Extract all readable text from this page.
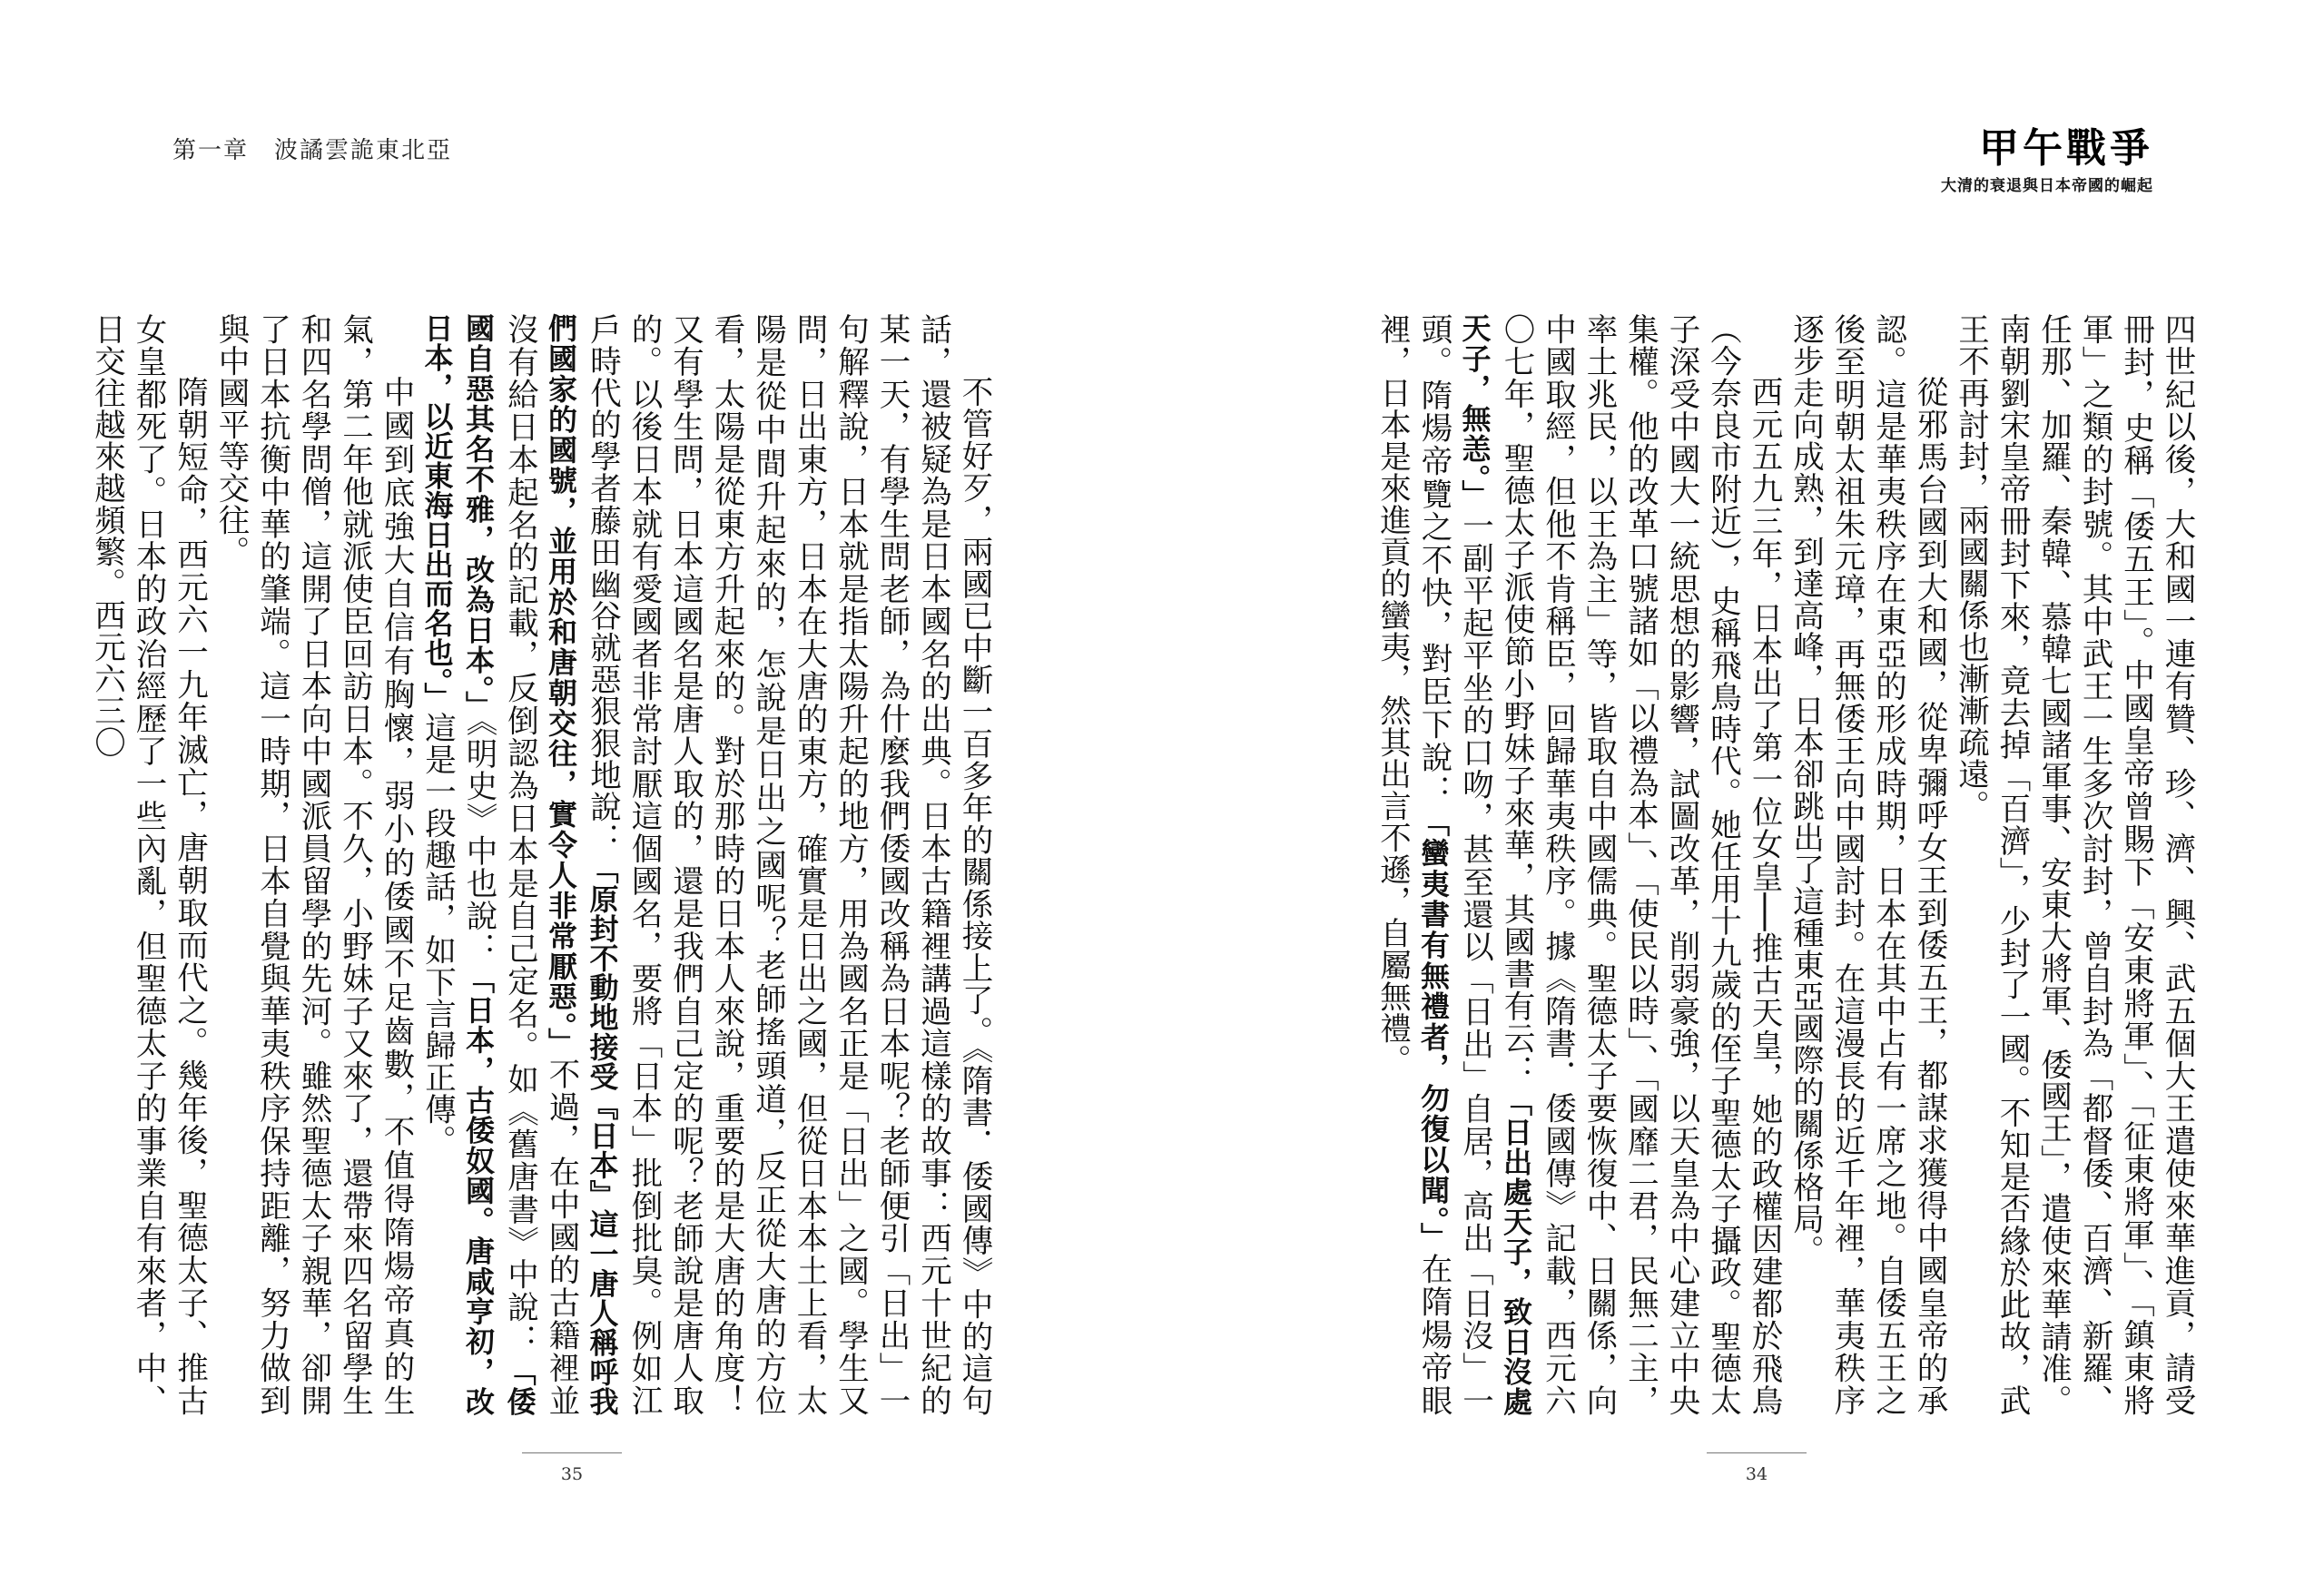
第一章 波譎雲詭東北亞	甲午戰爭
大清的衰退與日本帝國的崛起

四世紀以後，大和國一連有贊、珍、濟、興、武五個大王遣使來華進貢，請受冊封，史稱「倭五王」。中國皇帝曾賜下「安東將軍」、「征東將軍」、「鎮東將軍」之類的封號。其中武王一生多次討封，曾自封為「都督倭、百濟、新羅、任那、加羅、秦韓、慕韓七國諸軍事、安東大將軍、倭國王」，遣使來華請准。南朝劉宋皇帝冊封下來，竟去掉「百濟」，少封了一國。不知是否緣於此故，武王不再討封，兩國關係也漸漸疏遠。

從邪馬台國到大和國，從卑彌呼女王到倭五王，都謀求獲得中國皇帝的承認。這是華夷秩序在東亞的形成時期，日本在其中占有一席之地。自倭五王之後至明朝太祖朱元璋，再無倭王向中國討封。在這漫長的近千年裡，華夷秩序逐步走向成熟，到達高峰，日本卻跳出了這種東亞國際的關係格局。

西元五九三年，日本出了第一位女皇──推古天皇，她的政權因建都於飛鳥（今奈良市附近），史稱飛鳥時代。她任用十九歲的侄子聖德太子攝政。聖德太子深受中國大一統思想的影響，試圖改革，削弱豪強，以天皇為中心建立中央集權。他的改革口號諸如「以禮為本」、「使民以時」、「國靡二君，民無二主，率土兆民，以王為主」等，皆取自中國儒典。聖德太子要恢復中、日關係，向中國取經，但他不肯稱臣，回歸華夷秩序。據《隋書．倭國傳》記載，西元六〇七年，聖德太子派使節小野妹子來華，其國書有云：「日出處天子，致日沒處天子，無恙。」一副平起平坐的口吻，甚至還以「日出」自居，高出「日沒」一頭。隋煬帝覽之不快，對臣下說：「蠻夷書有無禮者，勿復以聞。」在隋煬帝眼裡，日本是來進貢的蠻夷，然其出言不遜，自屬無禮。

不管好歹，兩國已中斷一百多年的關係接上了。《隋書．倭國傳》中的這句話，還被疑為是日本國名的出典。日本古籍裡講過這樣的故事：西元十世紀的某一天，有學生問老師，為什麼我們倭國改稱為日本呢？老師便引「日出」一句解釋說，日本就是指太陽升起的地方，用為國名正是「日出」之國。學生又問，日出東方，日本在大唐的東方，確實是日出之國，但從日本本土上看，太陽是從中間升起來的，怎說是日出之國呢？老師搖頭道，反正從大唐的方位看，太陽是從東方升起來的。對於那時的日本人來說，重要的是大唐的角度！又有學生問，日本這國名是唐人取的，還是我們自己定的呢？老師說是唐人取的。以後日本就有愛國者非常討厭這個國名，要將「日本」批倒批臭。例如江戶時代的學者藤田幽谷就惡狠狠地說：「原封不動地接受『日本』這一唐人稱呼我們國家的國號，並用於和唐朝交往，實令人非常厭惡。」不過，在中國的古籍裡並沒有給日本起名的記載，反倒認為日本是自己定名。如《舊唐書》中說：「倭國自惡其名不雅，改為日本。」《明史》中也說：「日本，古倭奴國。唐咸亨初，改日本，以近東海日出而名也。」這是一段趣話，如下言歸正傳。

中國到底強大自信有胸懷，弱小的倭國不足齒數，不值得隋煬帝真的生氣，第二年他就派使臣回訪日本。不久，小野妹子又來了，還帶來四名留學生和四名學問僧，這開了日本向中國派員留學的先河。雖然聖德太子親華，卻開了日本抗衡中華的肇端。這一時期，日本自覺與華夷秩序保持距離，努力做到與中國平等交往。

隋朝短命，西元六一九年滅亡，唐朝取而代之。幾年後，聖德太子、推古女皇都死了。日本的政治經歷了一些內亂，但聖德太子的事業自有來者，中、日交往越來越頻繁。西元六三〇

35	34
